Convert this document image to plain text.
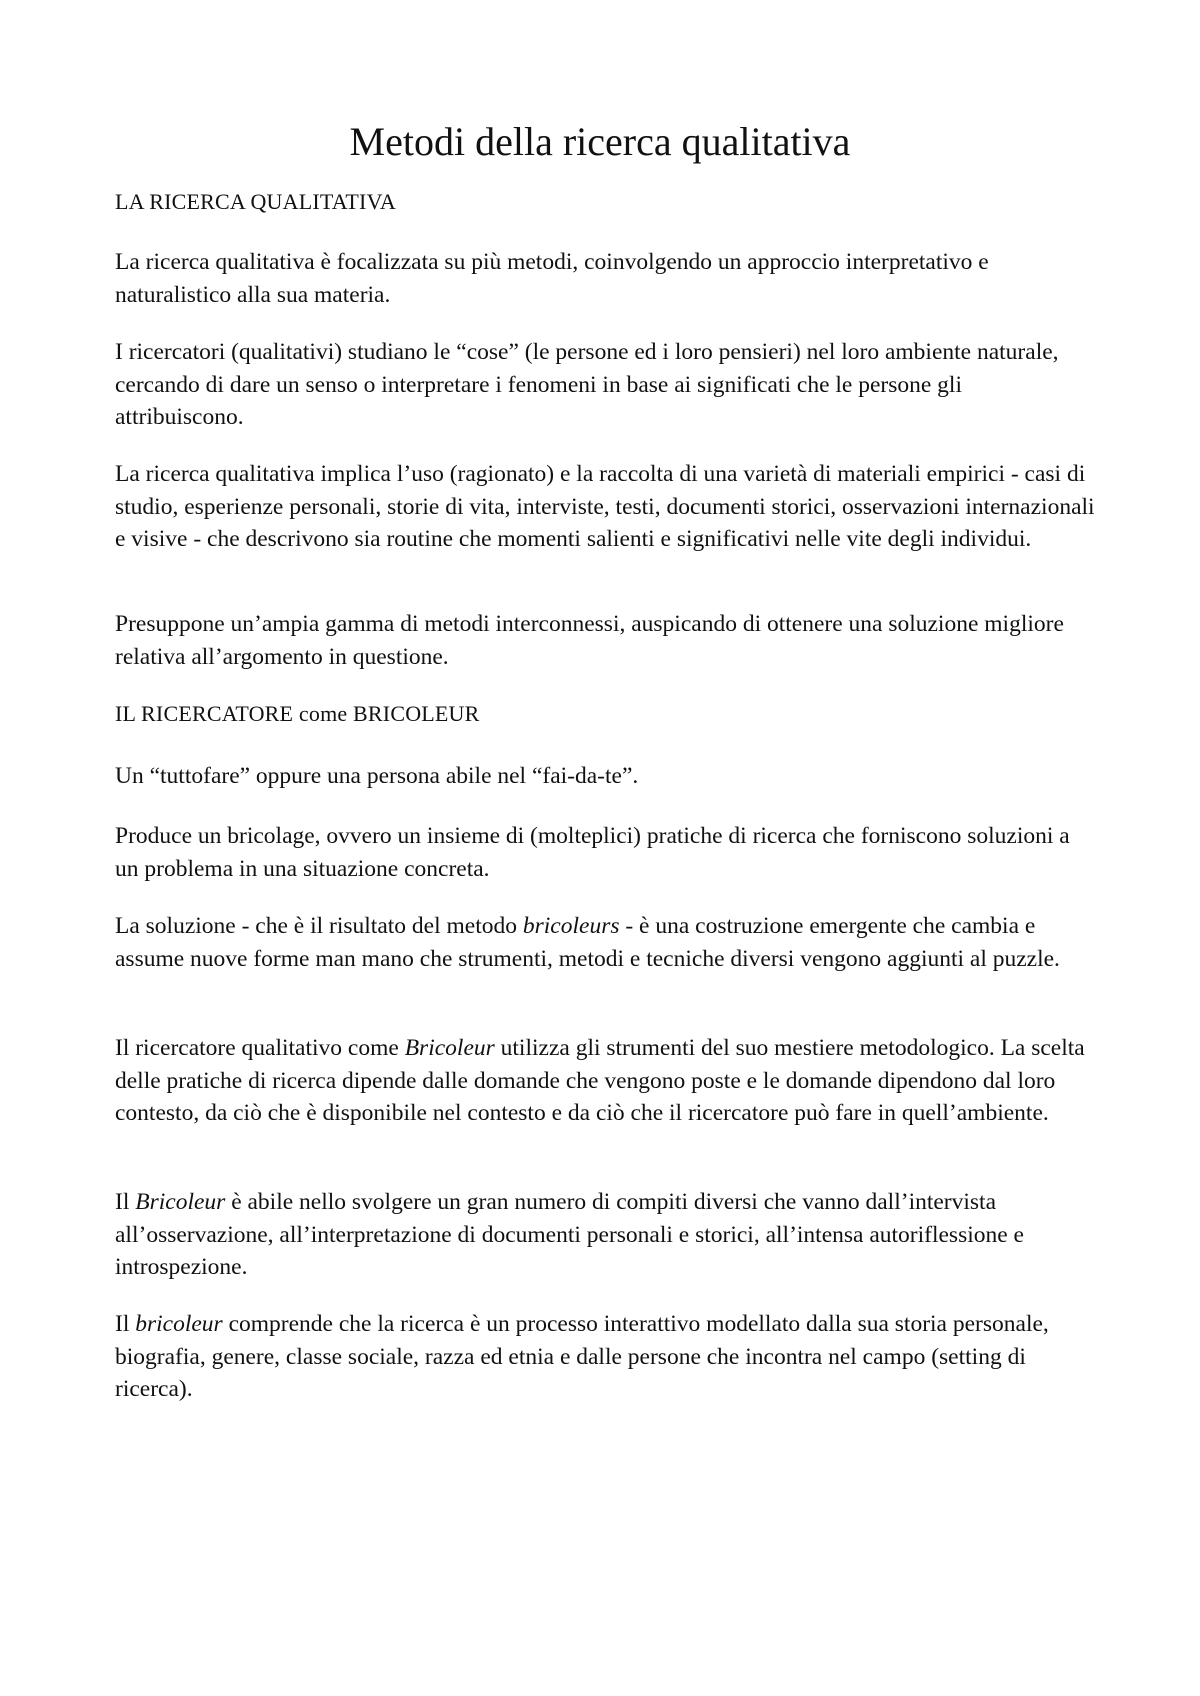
Metodi della ricerca qualitativa

LA RICERCA QUALITATIVA

La ricerca qualitativa è focalizzata su più metodi, coinvolgendo un approccio interpretativo e naturalistico alla sua materia.

I ricercatori (qualitativi) studiano le “cose” (le persone ed i loro pensieri) nel loro ambiente naturale, cercando di dare un senso o interpretare i fenomeni in base ai significati che le persone gli attribuiscono.

La ricerca qualitativa implica l’uso (ragionato) e la raccolta di una varietà di materiali empirici - casi di studio, esperienze personali, storie di vita, interviste, testi, documenti storici, osservazioni internazionali e visive - che descrivono sia routine che momenti salienti e significativi nelle vite degli individui.

Presuppone un’ampia gamma di metodi interconnessi, auspicando di ottenere una soluzione migliore relativa all’argomento in questione.

IL RICERCATORE come BRICOLEUR

Un “tuttofare” oppure una persona abile nel “fai-da-te”.

Produce un bricolage, ovvero un insieme di (molteplici) pratiche di ricerca che forniscono soluzioni a un problema in una situazione concreta.

La soluzione - che è il risultato del metodo bricoleurs - è una costruzione emergente che cambia e assume nuove forme man mano che strumenti, metodi e tecniche diversi vengono aggiunti al puzzle.

Il ricercatore qualitativo come Bricoleur utilizza gli strumenti del suo mestiere metodologico. La scelta delle pratiche di ricerca dipende dalle domande che vengono poste e le domande dipendono dal loro contesto, da ciò che è disponibile nel contesto e da ciò che il ricercatore può fare in quell’ambiente.

Il Bricoleur è abile nello svolgere un gran numero di compiti diversi che vanno dall’intervista all’osservazione, all’interpretazione di documenti personali e storici, all’intensa autoriflessione e introspezione.

Il bricoleur comprende che la ricerca è un processo interattivo modellato dalla sua storia personale, biografia, genere, classe sociale, razza ed etnia e dalle persone che incontra nel campo (setting di ricerca).
